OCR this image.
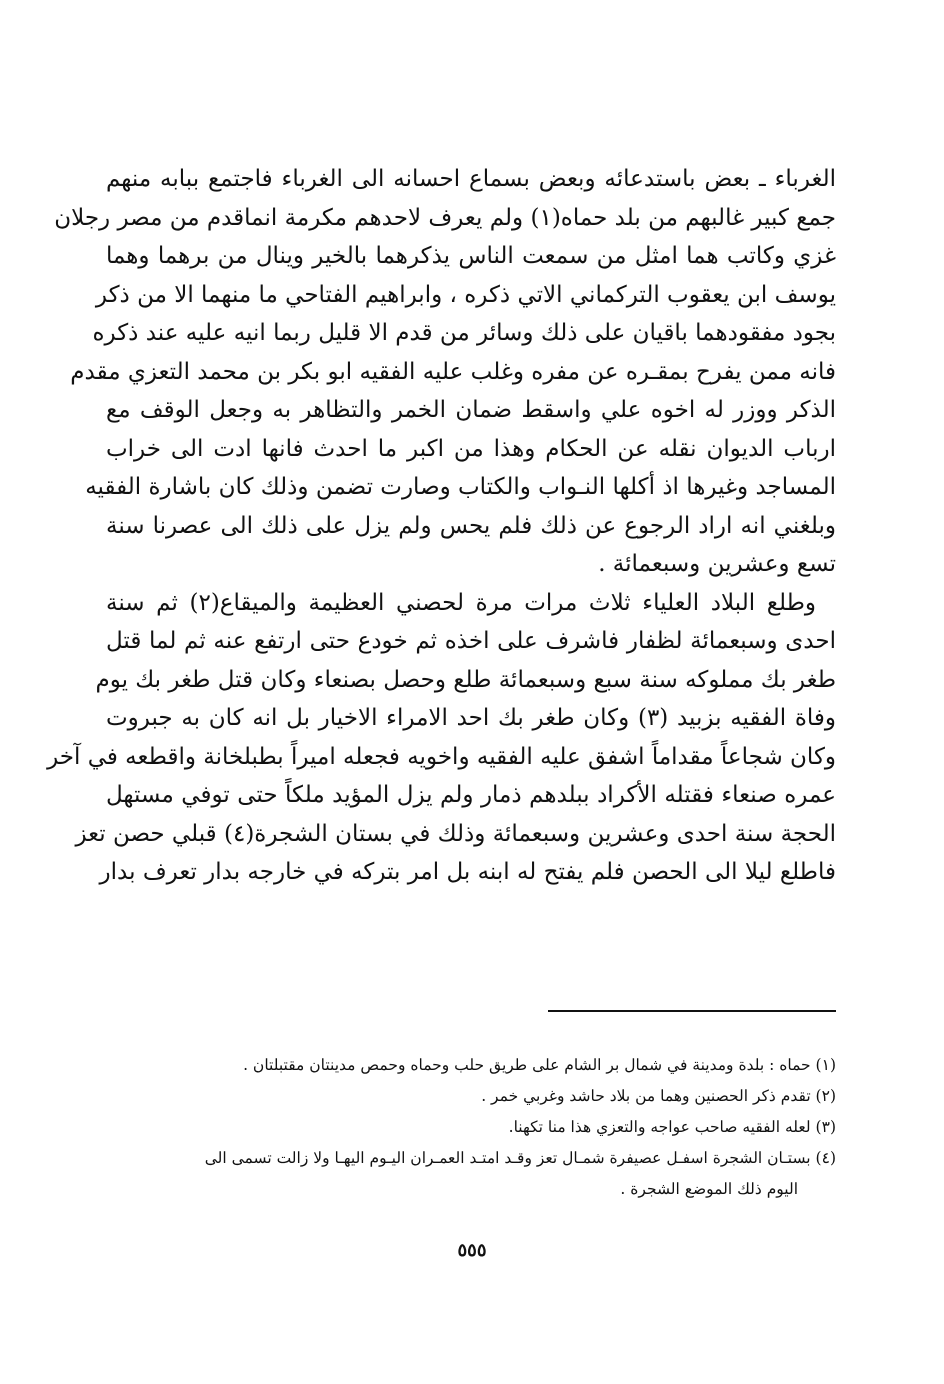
الغرباء ـ بعض باستدعائه وبعض بسماع احسانه الى الغرباء فاجتمع ببابه منهم
جمع كبير غالبهم من بلد حماه(١) ولم يعرف لاحدهم مكرمة انماقدم من مصر رجلان
غزي وكاتب هما امثل من سمعت الناس يذكرهما بالخير وينال من برهما وهما
يوسف ابن يعقوب التركماني الاتي ذكره ، وابراهيم الفتاحي ما منهما الا من ذكر
بجود مفقودهما باقيان على ذلك وسائر من قدم الا قليل ربما انيه عليه عند ذكره
فانه ممن يفرح بمقـره عن مفره وغلب عليه الفقيه ابو بكر بن محمد التعزي مقدم
الذكر ووزر له اخوه علي واسقط ضمان الخمر والتظاهر به وجعل الوقف مع
ارباب الديوان نقله عن الحكام وهذا من اكبر ما احدث فانها ادت الى خراب
المساجد وغيرها اذ أكلها النـواب والكتاب وصارت تضمن وذلك كان باشارة الفقيه
وبلغني انه اراد الرجوع عن ذلك فلم يحس ولم يزل على ذلك الى عصرنا سنة
تسع وعشرين وسبعمائة .
وطلع البلاد العلياء ثلاث مرات مرة لحصني العظيمة والميقاع(٢) ثم سنة
احدى وسبعمائة لظفار فاشرف على اخذه ثم خودع حتى ارتفع عنه ثم لما قتل
طغر بك مملوكه سنة سبع وسبعمائة طلع وحصل بصنعاء وكان قتل طغر بك يوم
وفاة الفقيه بزبيد (٣) وكان طغر بك احد الامراء الاخيار بل انه كان به جبروت
وكان شجاعاً مقداماً اشفق عليه الفقيه واخويه فجعله اميراً بطبلخانة واقطعه في آخر
عمره صنعاء فقتله الأكراد ببلدهم ذمار ولم يزل المؤيد ملكاً حتى توفي مستهل
الحجة سنة احدى وعشرين وسبعمائة وذلك في بستان الشجرة(٤) قبلي حصن تعز
فاطلع ليلا الى الحصن فلم يفتح له ابنه بل امر بتركه في خارجه بدار تعرف بدار
(١) حماه : بلدة ومدينة في شمال بر الشام على طريق حلب وحماه وحمص مدينتان مقتبلتان .
(٢) تقدم ذكر الحصنين وهما من بلاد حاشد وغربي خمر .
(٣) لعله الفقيه صاحب عواجه والتعزي هذا منا تكهنا.
(٤) بستـان الشجرة اسفـل عصيفرة شمـال تعز وقـد امتـد العمـران اليـوم اليهـا ولا زالت تسمى الى
اليوم ذلك الموضع الشجرة .
٥٥٥
